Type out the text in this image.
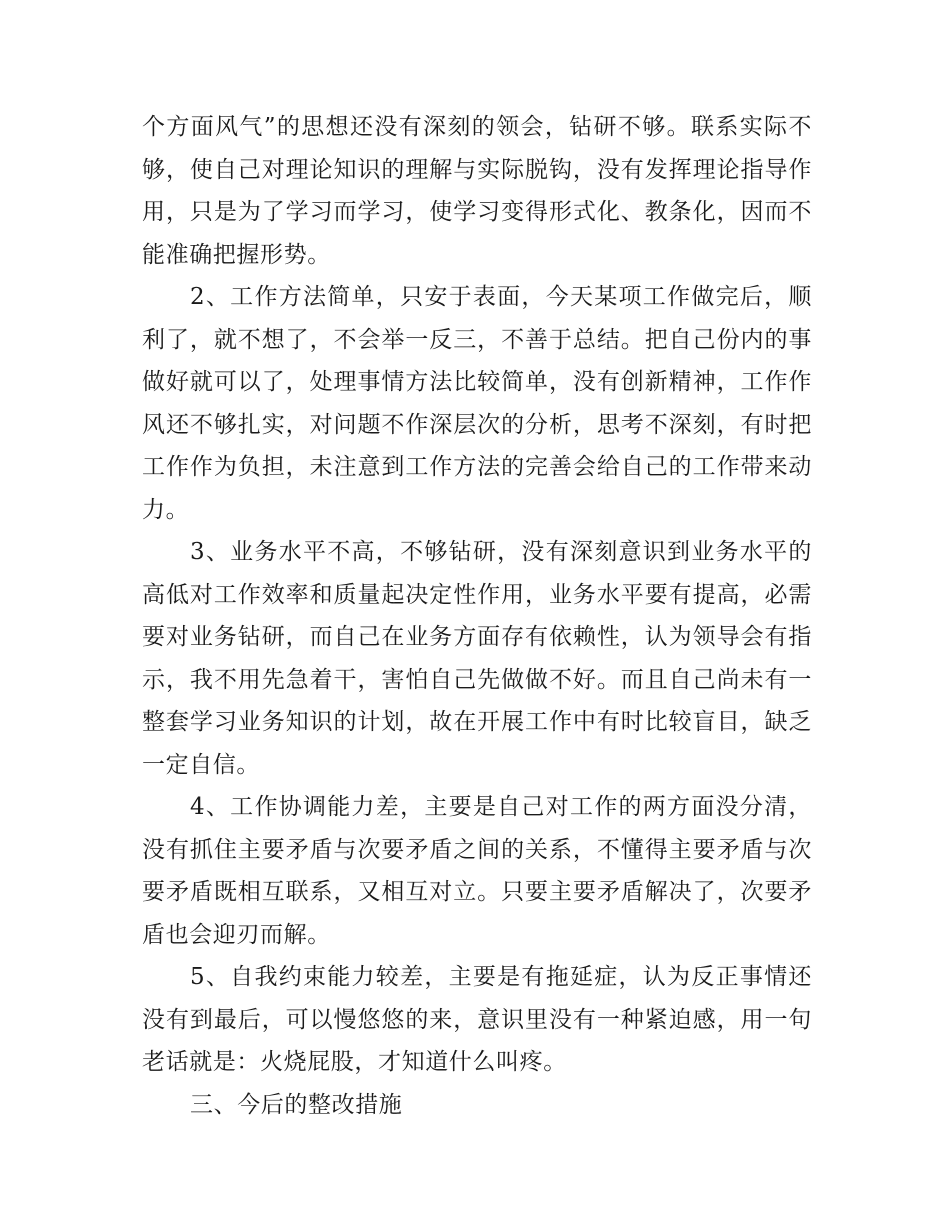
个方面风气”的思想还没有深刻的领会，钻研不够。联系实际不够，使自己对理论知识的理解与实际脱钩，没有发挥理论指导作用，只是为了学习而学习，使学习变得形式化、教条化，因而不能准确把握形势。

2、工作方法简单，只安于表面，今天某项工作做完后，顺利了，就不想了，不会举一反三，不善于总结。把自己份内的事做好就可以了，处理事情方法比较简单，没有创新精神，工作作风还不够扎实，对问题不作深层次的分析，思考不深刻，有时把工作作为负担，未注意到工作方法的完善会给自己的工作带来动力。

3、业务水平不高，不够钻研，没有深刻意识到业务水平的高低对工作效率和质量起决定性作用，业务水平要有提高，必需要对业务钻研，而自己在业务方面存有依赖性，认为领导会有指示，我不用先急着干，害怕自己先做做不好。而且自己尚未有一整套学习业务知识的计划，故在开展工作中有时比较盲目，缺乏一定自信。

4、工作协调能力差，主要是自己对工作的两方面没分清，没有抓住主要矛盾与次要矛盾之间的关系，不懂得主要矛盾与次要矛盾既相互联系，又相互对立。只要主要矛盾解决了，次要矛盾也会迎刃而解。

5、自我约束能力较差，主要是有拖延症，认为反正事情还没有到最后，可以慢悠悠的来，意识里没有一种紧迫感，用一句老话就是：火烧屁股，才知道什么叫疼。

三、今后的整改措施
